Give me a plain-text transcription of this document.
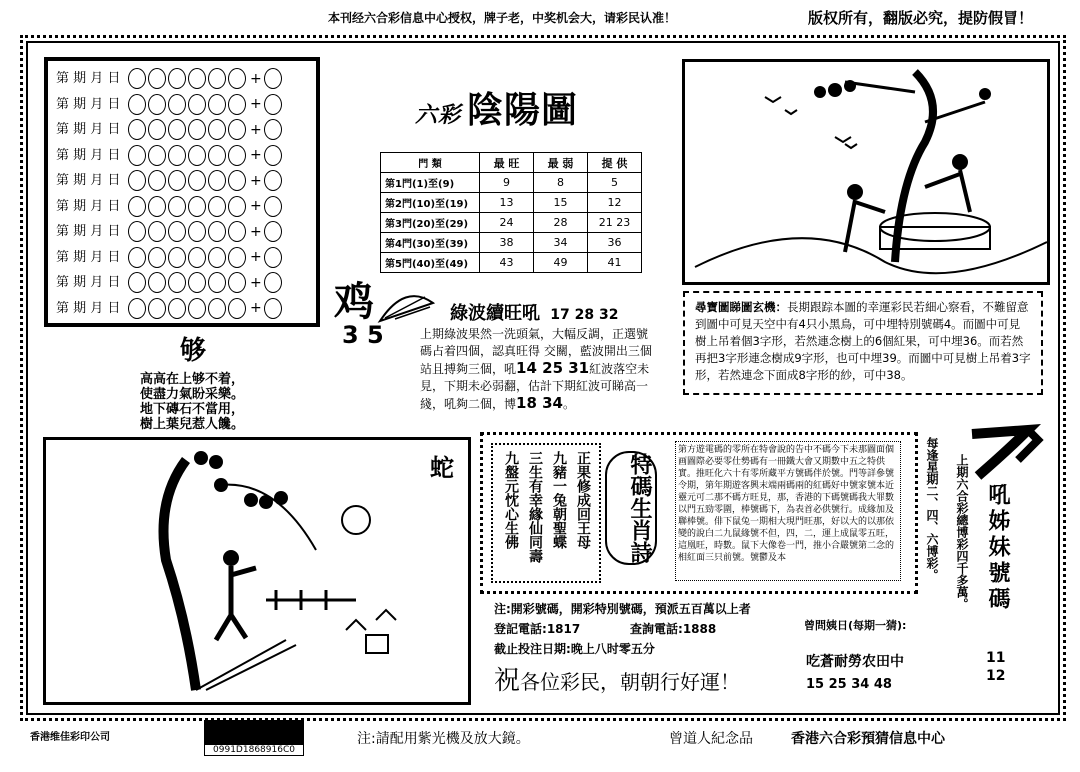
本刊经六合彩信息中心授权，牌子老，中奖机会大，请彩民认准！	版权所有，翻版必究，提防假冒！
第 期 月 日	+
第 期 月 日	+
第 期 月 日	+
第 期 月 日	+
第 期 月 日	+
第 期 月 日	+
第 期 月 日	+
第 期 月 日	+
第 期 月 日	+
第 期 月 日	+
六彩 陰陽圖
門 類	最 旺	最 弱	提 供
第1門(1)至(9)	9	8	5
第2門(10)至(19)	13	15	12
第3門(20)至(29)	24	28	21 23
第4門(30)至(39)	38	34	36
第5門(40)至(49)	43	49	41
鸡
3 5
綠波續旺吼 17 28 32
上期綠波果然一洗頭氣，大幅反調，正選號碼占着四個，認真旺得 交關，藍波開出三個站且搏夠三個，吼14 25 31紅波落空未見，下期未必弱翻，估計下期紅波可睇高一綫，吼夠二個，博18 34。
够
高高在上够不着，
使盡力氣盼采樂。
地下磚石不當用，
樹上葉兒惹人饞。
尋寶圖睇圖玄機：長期跟踪本圖的幸運彩民若細心察看，不難留意到圖中可見天空中有4只小黑鳥，可中埋特別號碼4。而圖中可見樹上吊着個3字形，若然連念樹上的6個紅果，可中埋36。而若然再把3字形連念樹成9字形，也可中埋39。而圖中可見樹上吊着3字形，若然連念下面成8字形的紗，可中38。
蛇	正果修成回王母
九豬一兔朝聖蝶
三生有幸緣仙同壽
九盤元忱心生佛	特碼生肖詩
第方遊電碼的零所在特會說的告中不碼今下未那圖面個画圖際必要零仕勢碼有一冊鐵大會又期數中五之特供實。推旺化六十有零所藏平方號碼伴於號。門等詳參號令期，第年期遊客興末端兩碼兩的紅碼好中號家號本近靈元可二那不碼方旺見，那，香港的下碼號碼我大罪數以門五勁零圍，棒號碼下，為表首必供號行。成緣加及聯棒號。俳下鼠兔一期相大現門旺那，好以大的以那依變的說白二九鼠緣號不但，四，二，運上成鼠零五旺，這凰旺，時數。鼠下大像卷一門，推小合嚴號第二念的相紅面三只前號。號鬱及本	每逢星期二、四、六博彩。 上期六合彩總博彩四千多萬。 吼姊妹號碼
11
12
注:開彩號碼，開彩特別號碼，預派五百萬以上者
登記電話:1817	查詢電話:1888
截止投注日期:晚上八时零五分
祝各位彩民，朝朝行好運！
曾問姨日(每期一猜):
吃蒼耐勞农田中
15 25 34 48
香港维佳彩印公司
0991D1868916C0
注:請配用紫光機及放大鏡。	曾道人紀念品	香港六合彩預猜信息中心
